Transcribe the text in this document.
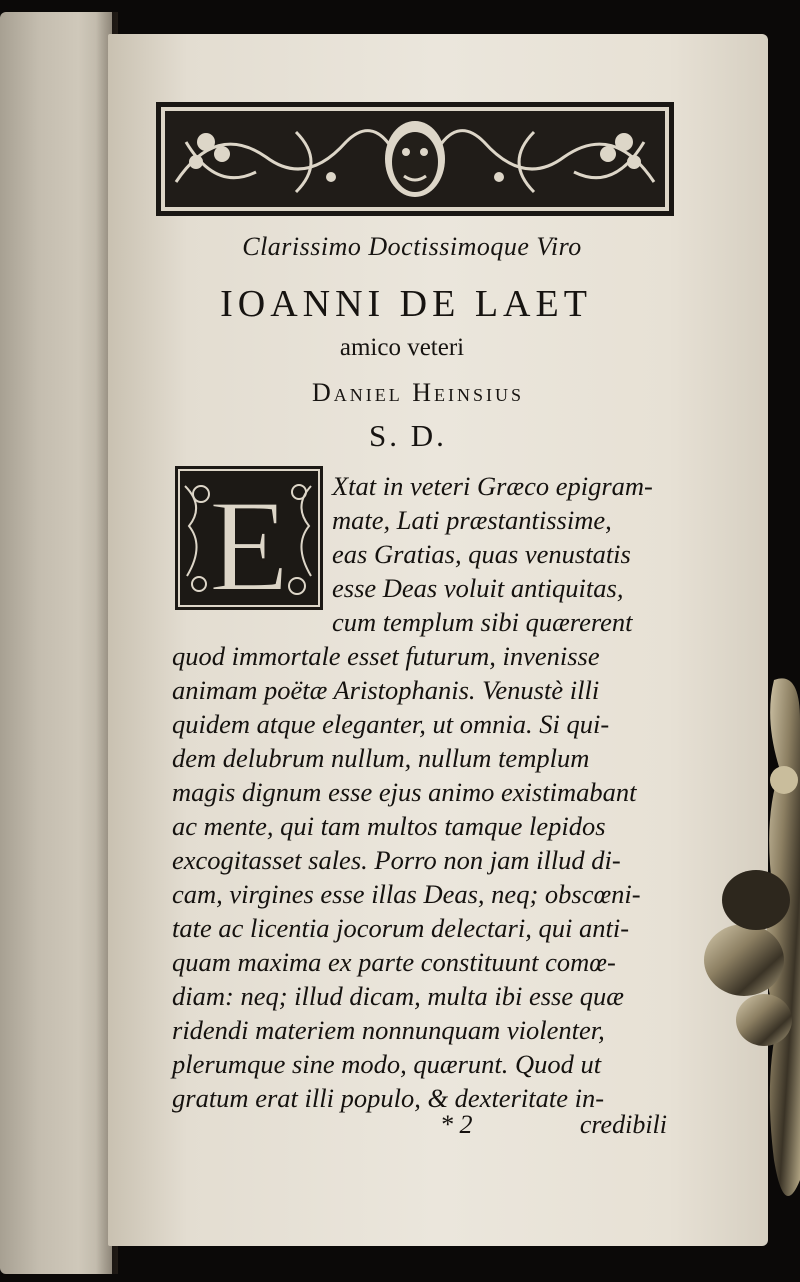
Clarissimo Doctissimoque Viro
IOANNI DE LAET
amico veteri
Daniel Heinsius
S. D.
E Xtat in veteri Græco epigram-
mate, Lati præstantissime,
eas Gratias, quas venustatis
esse Deas voluit antiquitas,
cum templum sibi quærerent
quod immortale esset futurum, invenisse
animam poëtæ Aristophanis. Venustè illi
quidem atque eleganter, ut omnia. Si qui-
dem delubrum nullum, nullum templum
magis dignum esse ejus animo existimabant
ac mente, qui tam multos tamque lepidos
excogitasset sales. Porro non jam illud di-
cam, virgines esse illas Deas, neq; obscœni-
tate ac licentia jocorum delectari, qui anti-
quam maxima ex parte constituunt comœ-
diam: neq; illud dicam, multa ibi esse quæ
ridendi materiem nonnunquam violenter,
plerumque sine modo, quærunt. Quod ut
gratum erat illi populo, & dexteritate in-
* 2	credibili
